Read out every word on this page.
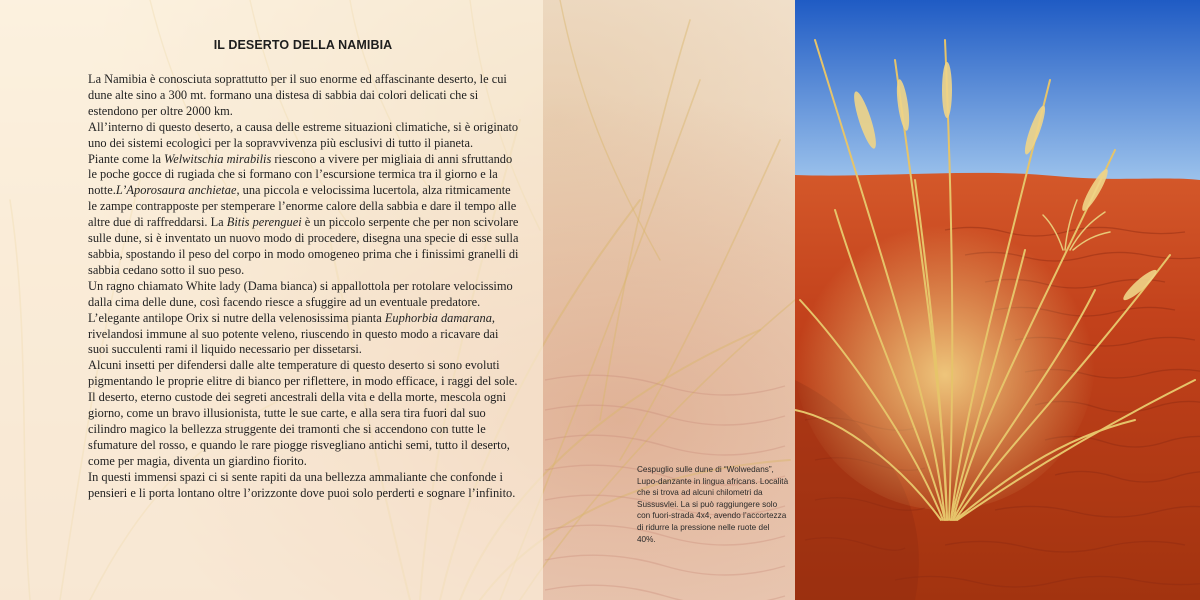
IL DESERTO DELLA NAMIBIA

La Namibia è conosciuta soprattutto per il suo enorme ed affascinante deserto, le cui dune alte sino a 300 mt. formano una distesa di sabbia dai colori delicati che si estendono per oltre 2000 km.

All’interno di questo deserto, a causa delle estreme situazioni climatiche, si è originato uno dei sistemi ecologici per la sopravvivenza più esclusivi di tutto il pianeta.

Piante come la Welwitschia mirabilis riescono a vivere per migliaia di anni sfruttando le poche gocce di rugiada che si formano con l’escursione termica tra il giorno e la notte.L’Aporosaura anchietae, una piccola e velocissima lucertola, alza ritmicamente le zampe contrapposte per stemperare l’enorme calore della sabbia e dare il tempo alle altre due di raffreddarsi. La Bitis perenguei è un piccolo serpente che per non scivolare sulle dune, si è inventato un nuovo modo di procedere, disegna una specie di esse sulla sabbia, spostando il peso del corpo in modo omogeneo prima che i finissimi granelli di sabbia cedano sotto il suo peso.

Un ragno chiamato White lady (Dama bianca) si appallottola per rotolare velocissimo dalla cima delle dune, così facendo riesce a sfuggire ad un eventuale predatore.

L’elegante antilope Orix si nutre della velenosissima pianta Euphorbia damarana, rivelandosi immune al suo potente veleno, riuscendo in questo modo a ricavare dai suoi succulenti rami il liquido necessario per dissetarsi.

Alcuni insetti per difendersi dalle alte temperature di questo deserto si sono evoluti pigmentando le proprie elitre di bianco per riflettere, in modo efficace, i raggi del sole.

Il deserto, eterno custode dei segreti ancestrali della vita e della morte, mescola ogni giorno, come un bravo illusionista, tutte le sue carte, e alla sera tira fuori dal suo cilindro magico la bellezza struggente dei tramonti che si accendono con tutte le sfumature del rosso, e quando le rare piogge risvegliano antichi semi, tutto il deserto, come per magia, diventa un giardino fiorito.

In questi immensi spazi ci si sente rapiti da una bellezza ammaliante che confonde i pensieri e li porta lontano oltre l’orizzonte dove puoi solo perderti e sognare l’infinito.

Cespuglio sulle dune di “Wolwedans”, Lupo-danzante in lingua africans. Località che si trova ad alcuni chilometri da Sussusvlei. La si può raggiungere solo con fuori-strada 4x4, avendo l’accortezza di ridurre la pressione nelle ruote del 40%.
